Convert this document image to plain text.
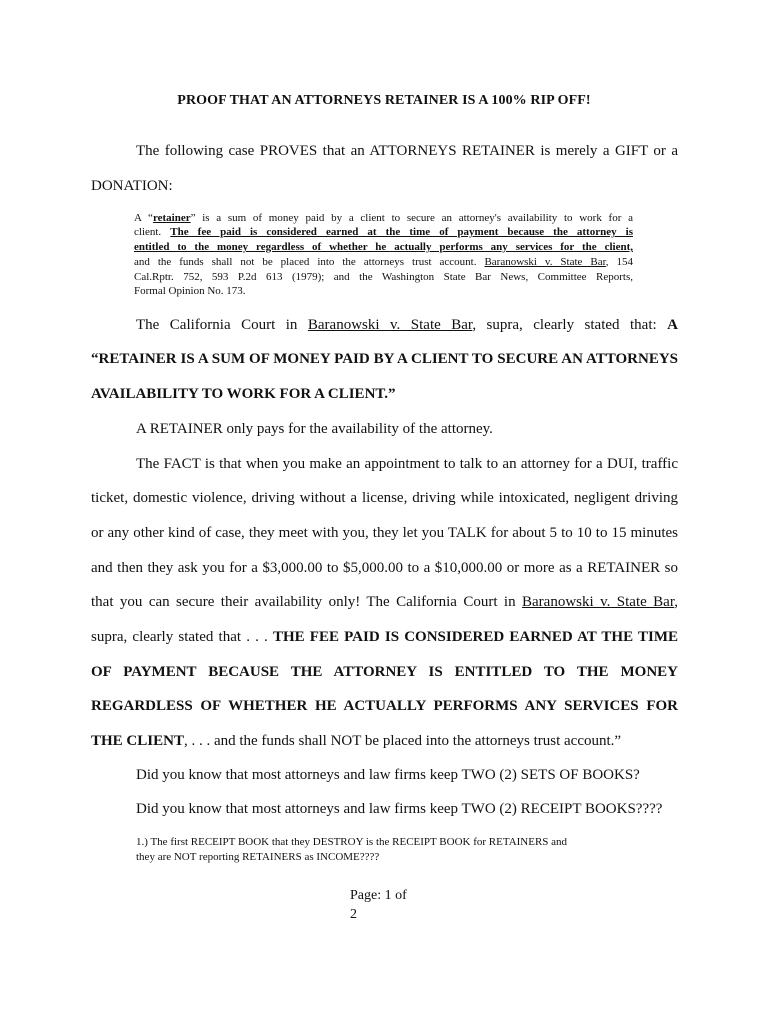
PROOF THAT AN ATTORNEYS RETAINER IS A 100% RIP OFF!
The following case PROVES that an ATTORNEYS RETAINER is merely a GIFT or a
DONATION:
A “retainer” is a sum of money paid by a client to secure an attorney's availability to work for a
client. The fee paid is considered earned at the time of payment because the attorney is
entitled to the money regardless of whether he actually performs any services for the client,
and the funds shall not be placed into the attorneys trust account. Baranowski v. State Bar, 154
Cal.Rptr. 752, 593 P.2d 613 (1979); and the Washington State Bar News, Committee Reports,
Formal Opinion No. 173.
The California Court in Baranowski v. State Bar, supra, clearly stated that: A
“RETAINER IS A SUM OF MONEY PAID BY A CLIENT TO SECURE AN ATTORNEYS
AVAILABILITY TO WORK FOR A CLIENT.”
A RETAINER only pays for the availability of the attorney.
The FACT is that when you make an appointment to talk to an attorney for a DUI, traffic
ticket, domestic violence, driving without a license, driving while intoxicated, negligent driving
or any other kind of case, they meet with you, they let you TALK for about 5 to 10 to 15 minutes
and then they ask you for a $3,000.00 to $5,000.00 to a $10,000.00 or more as a RETAINER so
that you can secure their availability only! The California Court in Baranowski v. State Bar,
supra, clearly stated that . . . THE FEE PAID IS CONSIDERED EARNED AT THE TIME
OF PAYMENT BECAUSE THE ATTORNEY IS ENTITLED TO THE MONEY
REGARDLESS OF WHETHER HE ACTUALLY PERFORMS ANY SERVICES FOR
THE CLIENT, . . . and the funds shall NOT be placed into the attorneys trust account.”
Did you know that most attorneys and law firms keep TWO (2) SETS OF BOOKS?
Did you know that most attorneys and law firms keep TWO (2) RECEIPT BOOKS????
1.) The first RECEIPT BOOK that they DESTROY is the RECEIPT BOOK for RETAINERS and
they are NOT reporting RETAINERS as INCOME????
Page: 1 of
2
